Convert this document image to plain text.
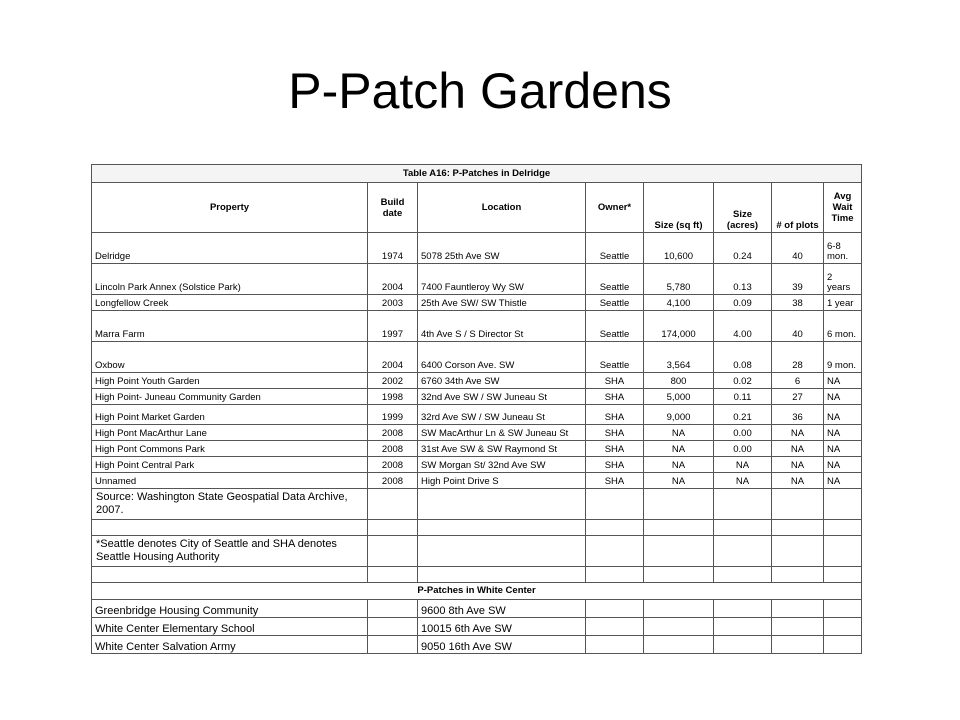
P-Patch Gardens
Table A16: P-Patches in Delridge							
Property	Build date	Location	Owner*	Size (sq ft)	Size (acres)	# of plots	Avg Wait Time
Delridge	1974	5078 25th Ave SW	Seattle	10,600	0.24	40	6-8 mon.
Lincoln Park Annex (Solstice Park)	2004	7400 Fauntleroy Wy SW	Seattle	5,780	0.13	39	2 years
Longfellow Creek	2003	25th Ave SW/ SW Thistle	Seattle	4,100	0.09	38	1 year
Marra Farm	1997	4th Ave S / S Director St	Seattle	174,000	4.00	40	6 mon.
Oxbow	2004	6400 Corson Ave. SW	Seattle	3,564	0.08	28	9 mon.
High Point Youth Garden	2002	6760 34th Ave SW	SHA	800	0.02	6	NA
High Point- Juneau Community Garden	1998	32nd Ave SW / SW Juneau St	SHA	5,000	0.11	27	NA
High Point Market Garden	1999	32rd Ave SW / SW Juneau St	SHA	9,000	0.21	36	NA
High Pont MacArthur Lane	2008	SW MacArthur Ln & SW Juneau St	SHA	NA	0.00	NA	NA
High Pont Commons Park	2008	31st Ave SW & SW Raymond St	SHA	NA	0.00	NA	NA
High Point Central Park	2008	SW Morgan St/ 32nd Ave SW	SHA	NA	NA	NA	NA
Unnamed	2008	High Point Drive S	SHA	NA	NA	NA	NA
Source: Washington State Geospatial Data Archive, 2007.							

*Seattle denotes City of Seattle and SHA denotes Seattle Housing Authority							

P-Patches in White Center							
Greenbridge Housing Community		9600 8th Ave SW					
White Center Elementary School		10015 6th Ave SW					
White Center Salvation Army		9050 16th Ave SW					
